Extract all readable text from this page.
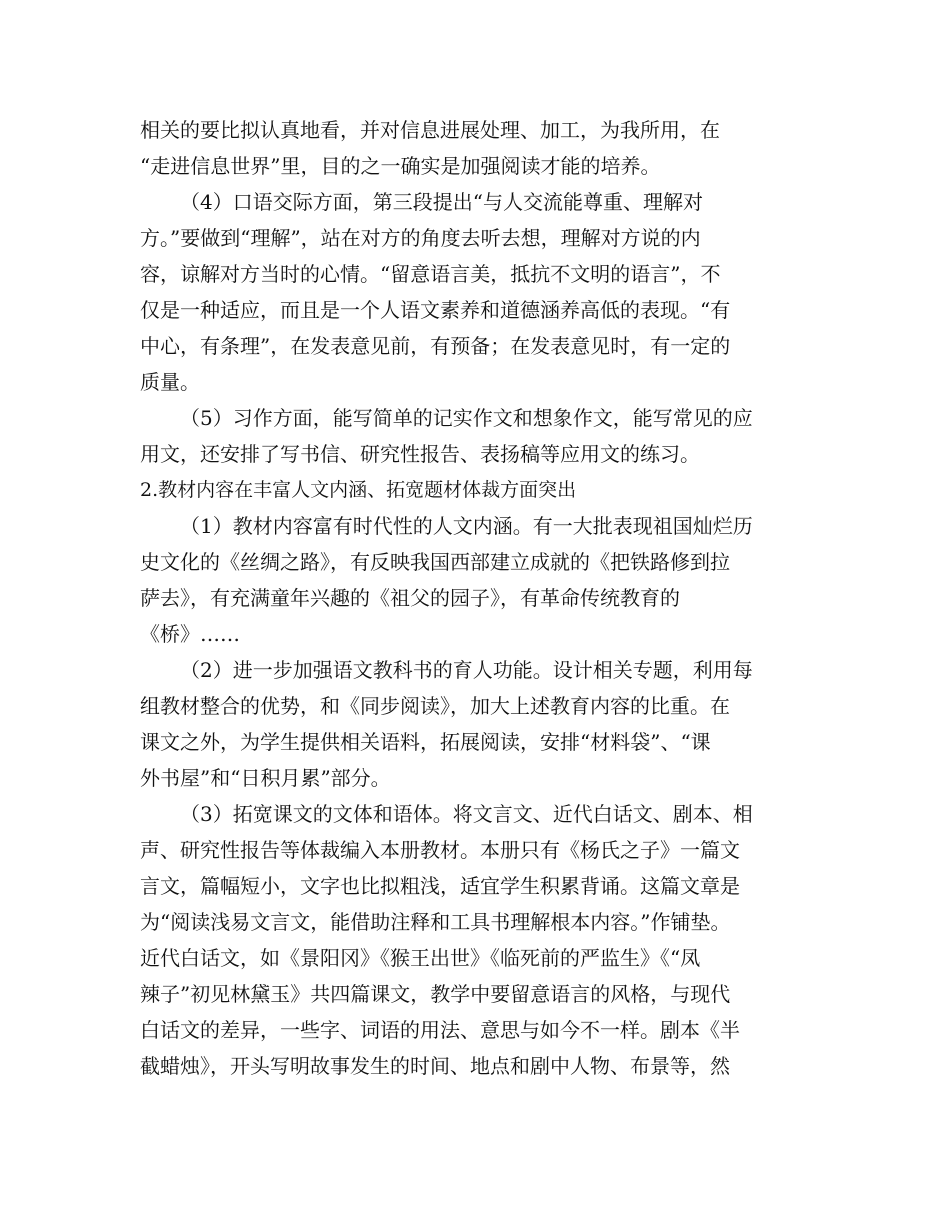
相关的要比拟认真地看，并对信息进展处理、加工，为我所用，在
“走进信息世界”里，目的之一确实是加强阅读才能的培养。
（4）口语交际方面，第三段提出“与人交流能尊重、理解对
方。”要做到“理解”，站在对方的角度去听去想，理解对方说的内
容，谅解对方当时的心情。“留意语言美，抵抗不文明的语言”，不
仅是一种适应，而且是一个人语文素养和道德涵养高低的表现。“有
中心，有条理”，在发表意见前，有预备；在发表意见时，有一定的
质量。
（5）习作方面，能写简单的记实作文和想象作文，能写常见的应
用文，还安排了写书信、研究性报告、表扬稿等应用文的练习。
2.教材内容在丰富人文内涵、拓宽题材体裁方面突出
（1）教材内容富有时代性的人文内涵。有一大批表现祖国灿烂历
史文化的《丝绸之路》，有反映我国西部建立成就的《把铁路修到拉
萨去》，有充满童年兴趣的《祖父的园子》，有革命传统教育的
《桥》……
（2）进一步加强语文教科书的育人功能。设计相关专题，利用每
组教材整合的优势，和《同步阅读》，加大上述教育内容的比重。在
课文之外，为学生提供相关语料，拓展阅读，安排“材料袋”、“课
外书屋”和“日积月累”部分。
（3）拓宽课文的文体和语体。将文言文、近代白话文、剧本、相
声、研究性报告等体裁编入本册教材。本册只有《杨氏之子》一篇文
言文，篇幅短小，文字也比拟粗浅，适宜学生积累背诵。这篇文章是
为“阅读浅易文言文，能借助注释和工具书理解根本内容。”作铺垫。
近代白话文，如《景阳冈》《猴王出世》《临死前的严监生》《“凤
辣子”初见林黛玉》共四篇课文，教学中要留意语言的风格，与现代
白话文的差异，一些字、词语的用法、意思与如今不一样。剧本《半
截蜡烛》，开头写明故事发生的时间、地点和剧中人物、布景等，然
